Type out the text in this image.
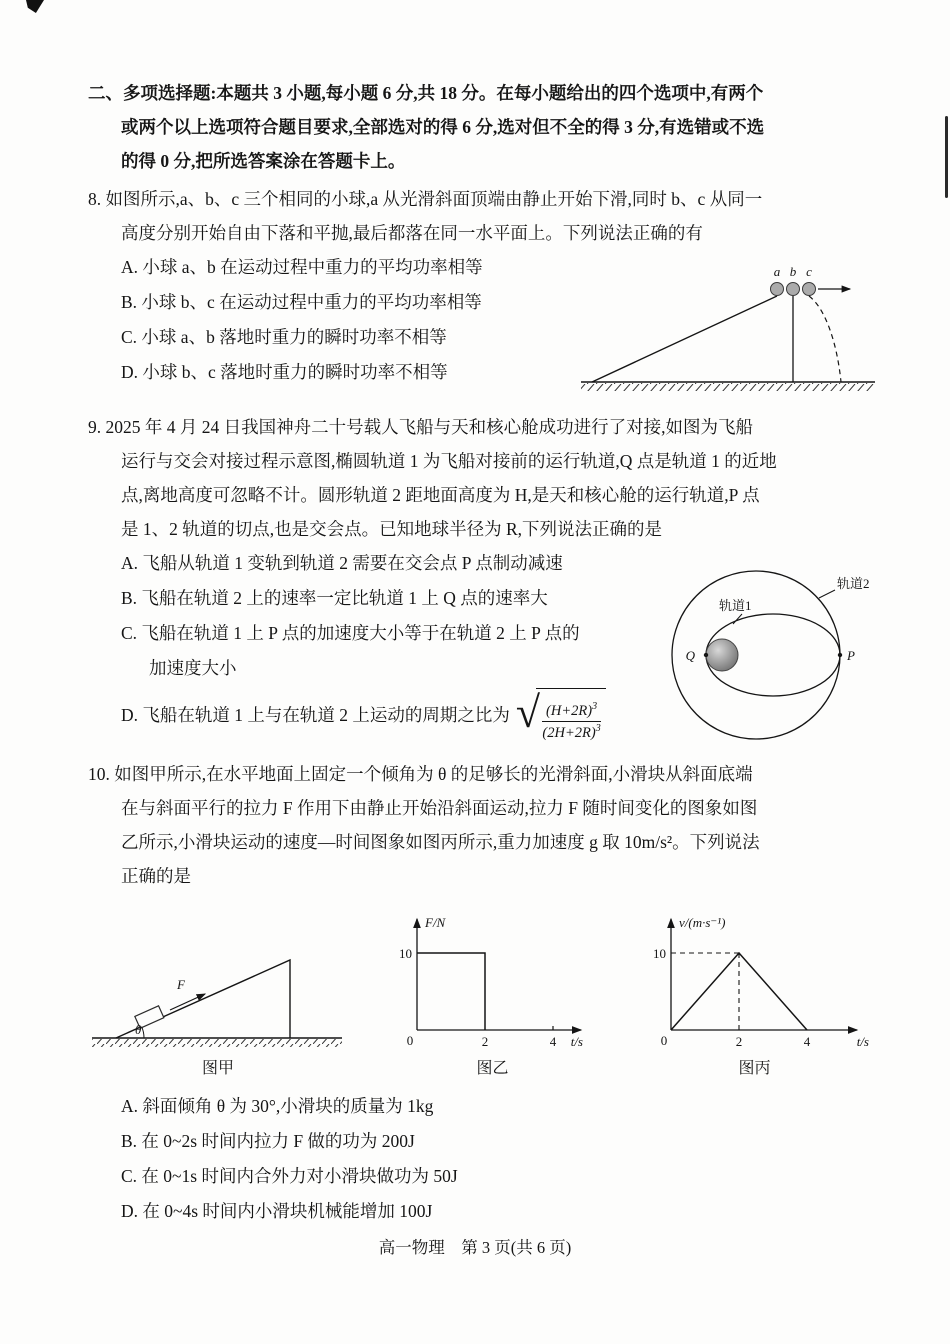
二、多项选择题:本题共 3 小题,每小题 6 分,共 18 分。在每小题给出的四个选项中,有两个
或两个以上选项符合题目要求,全部选对的得 6 分,选对但不全的得 3 分,有选错或不选
的得 0 分,把所选答案涂在答题卡上。
8. 如图所示,a、b、c 三个相同的小球,a 从光滑斜面顶端由静止开始下滑,同时 b、c 从同一
高度分别开始自由下落和平抛,最后都落在同一水平面上。下列说法正确的有
A. 小球 a、b 在运动过程中重力的平均功率相等
B. 小球 b、c 在运动过程中重力的平均功率相等
C. 小球 a、b 落地时重力的瞬时功率不相等
D. 小球 b、c 落地时重力的瞬时功率不相等
a b c
9. 2025 年 4 月 24 日我国神舟二十号载人飞船与天和核心舱成功进行了对接,如图为飞船
运行与交会对接过程示意图,椭圆轨道 1 为飞船对接前的运行轨道,Q 点是轨道 1 的近地
点,离地高度可忽略不计。圆形轨道 2 距地面高度为 H,是天和核心舱的运行轨道,P 点
是 1、2 轨道的切点,也是交会点。已知地球半径为 R,下列说法正确的是
A. 飞船从轨道 1 变轨到轨道 2 需要在交会点 P 点制动减速
B. 飞船在轨道 2 上的速率一定比轨道 1 上 Q 点的速率大
C. 飞船在轨道 1 上 P 点的加速度大小等于在轨道 2 上 P 点的
加速度大小
D. 飞船在轨道 1 上与在轨道 2 上运动的周期之比为 √ $\frac{(H+2R)^3}{(2H+2R)^3}$
Q	P
轨道1
轨道2
10. 如图甲所示,在水平地面上固定一个倾角为 θ 的足够长的光滑斜面,小滑块从斜面底端
在与斜面平行的拉力 F 作用下由静止开始沿斜面运动,拉力 F 随时间变化的图象如图
乙所示,小滑块运动的速度—时间图象如图丙所示,重力加速度 g 取 10m/s²。下列说法
正确的是
F
θ
图甲
F/N
t/s
10
0	2	4
图乙
v/(m·s⁻¹)
t/s
10
0	2	4
图丙
A. 斜面倾角 θ 为 30°,小滑块的质量为 1kg
B. 在 0~2s 时间内拉力 F 做的功为 200J
C. 在 0~1s 时间内合外力对小滑块做功为 50J
D. 在 0~4s 时间内小滑块机械能增加 100J
高一物理　第 3 页(共 6 页)
